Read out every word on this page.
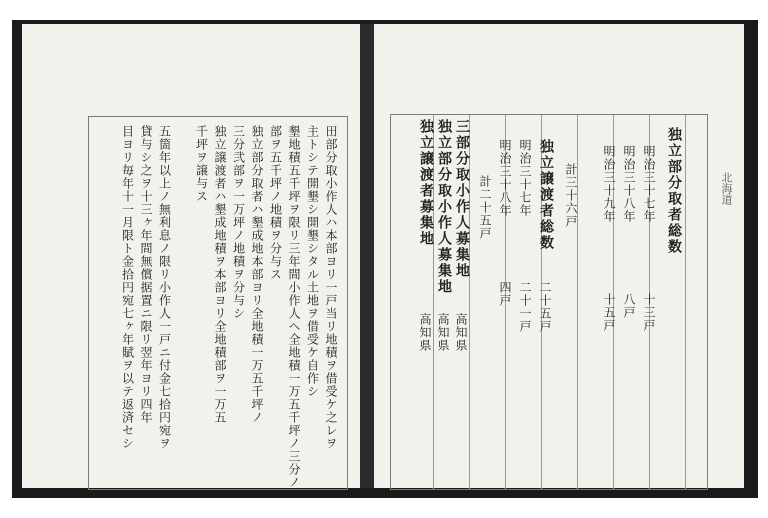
田部分取小作人ハ本部ヨリ一戸当リ地積ヲ借受ケ之レヲ
主トシテ開墾シ開墾シタル土地ヲ借受ケ自作シ
墾地積五千坪ヲ限リ三年間小作人ヘ全地積一万五千坪ノ三分ノ一
部ヲ五千坪ノ地積ヲ分与ス
独立部分取者ハ墾成地本部ヨリ全地積一万五千坪ノ
三分弐部ヲ一万坪ノ地積ヲ分与シ
独立譲渡者ハ墾成地積ヲ本部ヨリ全地積部ヲ一万五
千坪ヲ譲与ス
五箇年以上ノ無利息ノ限リ小作人一戸ニ付金七拾円宛ヲ
貸与シ之ヲ十三ヶ年間無償据置ニ限リ翌年ヨリ四年
目ヨリ毎年十一月限ト金拾円宛七ヶ年賦ヲ以テ返済セシ	独立部分取者総数
明治三十七年
十三戸
明治三十八年
八戸
明治三十九年
十五戸
計三十六戸
独立譲渡者総数
二十五戸
明治三十七年
二十一戸
明治三十八年
四戸
計二十五戸
三部分取小作人募集地
高知県
独立部分取小作人募集地
高知県
独立譲渡者募集地
高知県
北海道
